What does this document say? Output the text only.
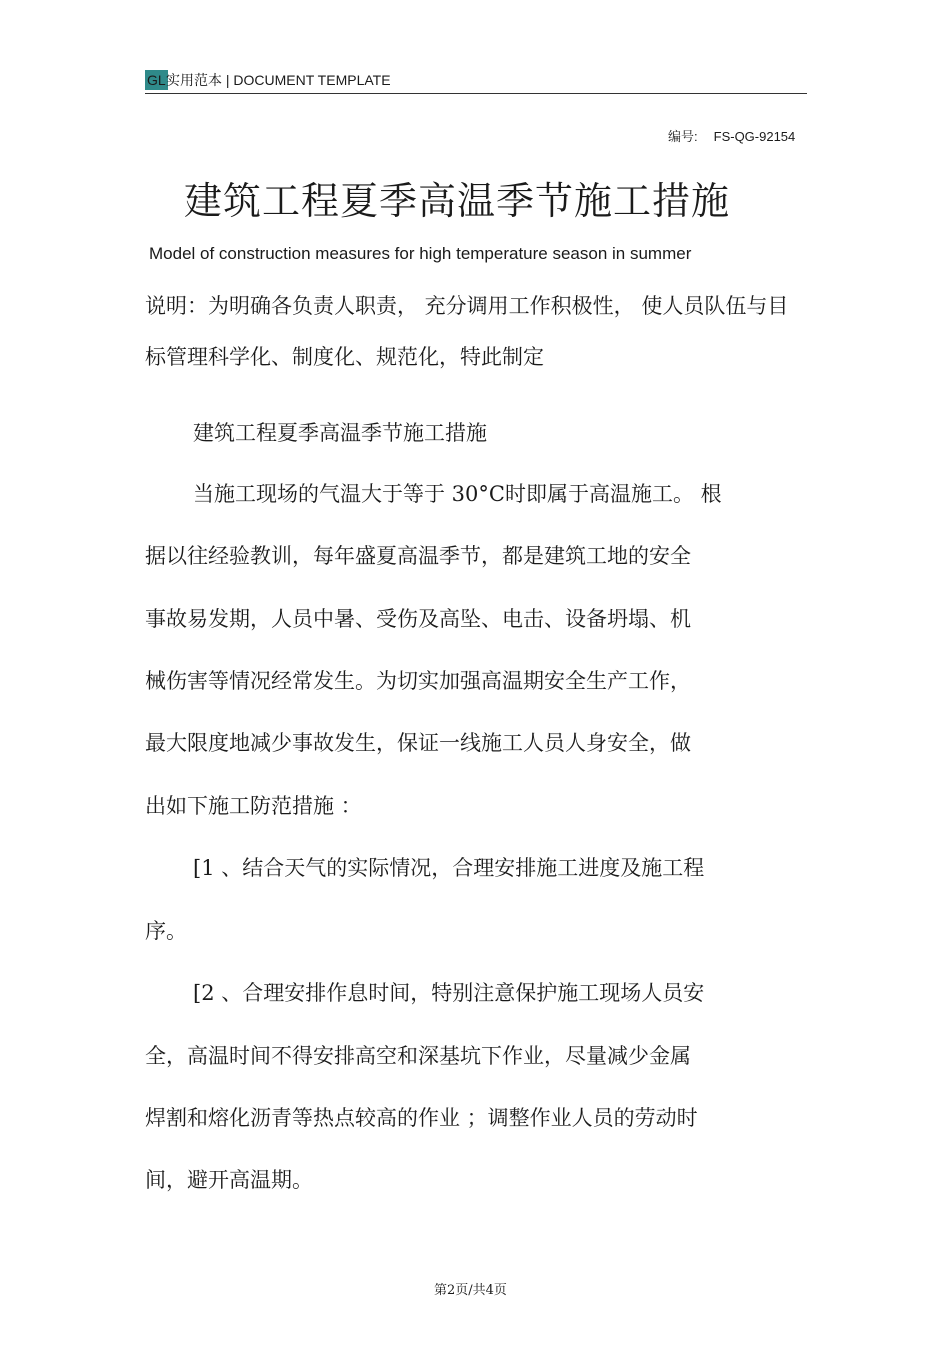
GL 实用范本 | DOCUMENT TEMPLATE
编号: FS-QG-92154
建筑工程夏季高温季节施工措施
Model of construction measures for high temperature season in summer
说明：为明确各负责人职责， 充分调用工作积极性， 使人员队伍与目
标管理科学化、制度化、规范化，特此制定
建筑工程夏季高温季节施工措施
当施工现场的气温大于等于 30°C时即属于高温施工。 根
据以往经验教训，每年盛夏高温季节，都是建筑工地的安全
事故易发期，人员中暑、受伤及高坠、电击、设备坍塌、机
械伤害等情况经常发生。为切实加强高温期安全生产工作，
最大限度地减少事故发生，保证一线施工人员人身安全，做
出如下施工防范措施 ：
[1 、结合天气的实际情况，合理安排施工进度及施工程
序。
[2 、合理安排作息时间，特别注意保护施工现场人员安
全，高温时间不得安排高空和深基坑下作业，尽量减少金属
焊割和熔化沥青等热点较高的作业 ；调整作业人员的劳动时
间，避开高温期。
第2页/共4页
